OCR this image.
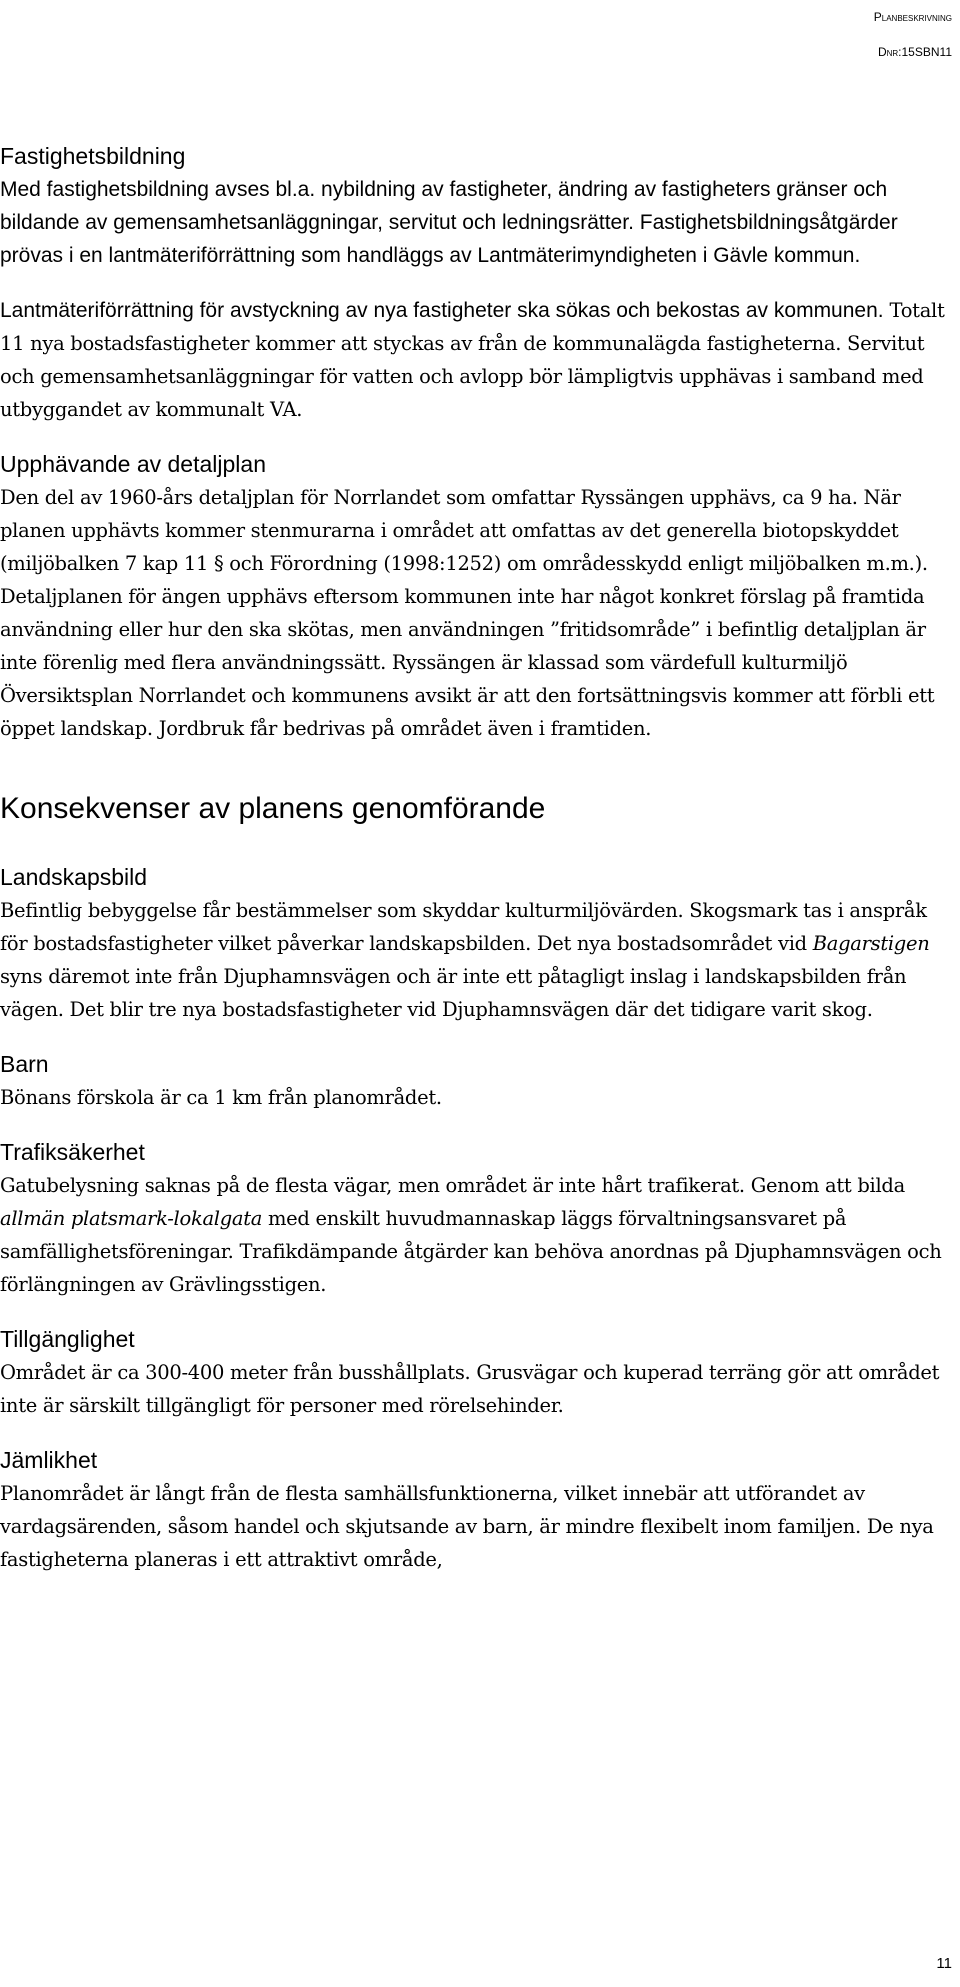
Planbeskrivning
Dnr:15SBN11
Fastighetsbildning

Med fastighetsbildning avses bl.a. nybildning av fastigheter, ändring av fastigheters gränser och bildande av gemensamhetsanläggningar, servitut och ledningsrätter. Fastighetsbildningsåtgärder prövas i en lantmäteriförrättning som handläggs av Lantmäterimyndigheten i Gävle kommun.

Lantmäteriförrättning för avstyckning av nya fastigheter ska sökas och bekostas av kommunen. Totalt 11 nya bostadsfastigheter kommer att styckas av från de kommunalägda fastigheterna. Servitut och gemensamhetsanläggningar för vatten och avlopp bör lämpligtvis upphävas i samband med utbyggandet av kommunalt VA.

Upphävande av detaljplan

Den del av 1960-års detaljplan för Norrlandet som omfattar Ryssängen upphävs, ca 9 ha. När planen upphävts kommer stenmurarna i området att omfattas av det generella biotopskyddet (miljöbalken 7 kap 11 § och Förordning (1998:1252) om områdesskydd enligt miljöbalken m.m.). Detaljplanen för ängen upphävs eftersom kommunen inte har något konkret förslag på framtida användning eller hur den ska skötas, men användningen ”fritidsområde” i befintlig detaljplan är inte förenlig med flera användningssätt. Ryssängen är klassad som värdefull kulturmiljö Översiktsplan Norrlandet och kommunens avsikt är att den fortsättningsvis kommer att förbli ett öppet landskap. Jordbruk får bedrivas på området även i framtiden.

Konsekvenser av planens genomförande
Landskapsbild

Befintlig bebyggelse får bestämmelser som skyddar kulturmiljövärden. Skogsmark tas i anspråk för bostadsfastigheter vilket påverkar landskapsbilden. Det nya bostadsområdet vid Bagarstigen syns däremot inte från Djuphamnsvägen och är inte ett påtagligt inslag i landskapsbilden från vägen. Det blir tre nya bostadsfastigheter vid Djuphamnsvägen där det tidigare varit skog.

Barn

Bönans förskola är ca 1 km från planområdet.

Trafiksäkerhet

Gatubelysning saknas på de flesta vägar, men området är inte hårt trafikerat. Genom att bilda allmän platsmark-lokalgata med enskilt huvudmannaskap läggs förvaltningsansvaret på samfällighetsföreningar. Trafikdämpande åtgärder kan behöva anordnas på Djuphamnsvägen och förlängningen av Grävlingsstigen.

Tillgänglighet

Området är ca 300-400 meter från busshållplats. Grusvägar och kuperad terräng gör att området inte är särskilt tillgängligt för personer med rörelsehinder.

Jämlikhet

Planområdet är långt från de flesta samhällsfunktionerna, vilket innebär att utförandet av vardagsärenden, såsom handel och skjutsande av barn, är mindre flexibelt inom familjen. De nya fastigheterna planeras i ett attraktivt område,

11
